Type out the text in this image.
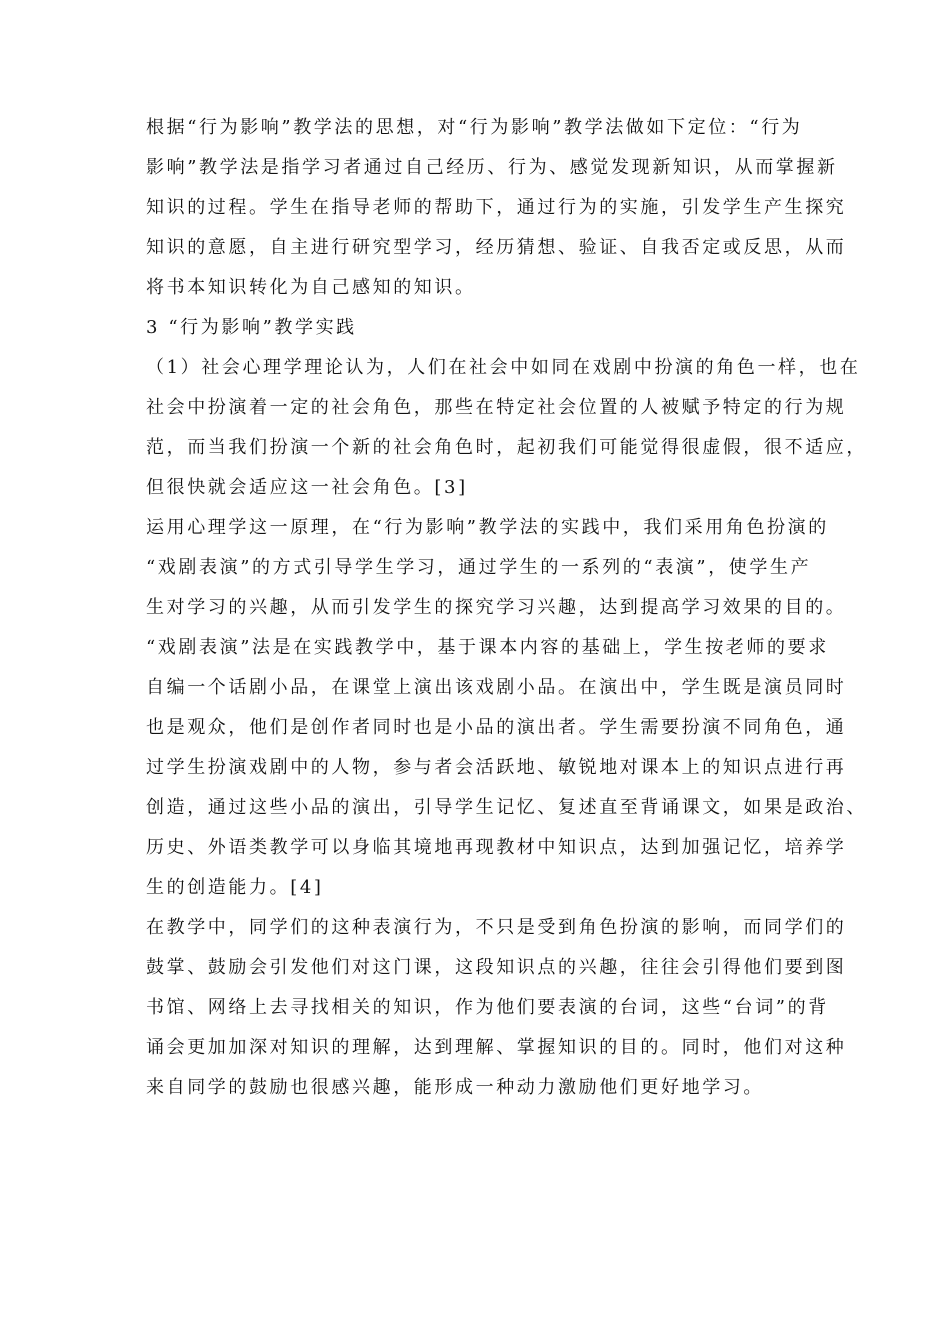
根据“行为影响”教学法的思想，对“行为影响”教学法做如下定位：“行为
影响”教学法是指学习者通过自己经历、行为、感觉发现新知识，从而掌握新
知识的过程。学生在指导老师的帮助下，通过行为的实施，引发学生产生探究
知识的意愿，自主进行研究型学习，经历猜想、验证、自我否定或反思，从而
将书本知识转化为自己感知的知识。

3 “行为影响”教学实践

（1）社会心理学理论认为，人们在社会中如同在戏剧中扮演的角色一样，也在
社会中扮演着一定的社会角色，那些在特定社会位置的人被赋予特定的行为规
范，而当我们扮演一个新的社会角色时，起初我们可能觉得很虚假，很不适应，
但很快就会适应这一社会角色。[3]

运用心理学这一原理，在“行为影响”教学法的实践中，我们采用角色扮演的
“戏剧表演”的方式引导学生学习，通过学生的一系列的“表演”，使学生产
生对学习的兴趣，从而引发学生的探究学习兴趣，达到提高学习效果的目的。

“戏剧表演”法是在实践教学中，基于课本内容的基础上，学生按老师的要求
自编一个话剧小品，在课堂上演出该戏剧小品。在演出中，学生既是演员同时
也是观众，他们是创作者同时也是小品的演出者。学生需要扮演不同角色，通
过学生扮演戏剧中的人物，参与者会活跃地、敏锐地对课本上的知识点进行再
创造，通过这些小品的演出，引导学生记忆、复述直至背诵课文，如果是政治、
历史、外语类教学可以身临其境地再现教材中知识点，达到加强记忆，培养学
生的创造能力。[4]

在教学中，同学们的这种表演行为，不只是受到角色扮演的影响，而同学们的
鼓掌、鼓励会引发他们对这门课，这段知识点的兴趣，往往会引得他们要到图
书馆、网络上去寻找相关的知识，作为他们要表演的台词，这些“台词”的背
诵会更加加深对知识的理解，达到理解、掌握知识的目的。同时，他们对这种
来自同学的鼓励也很感兴趣，能形成一种动力激励他们更好地学习。
